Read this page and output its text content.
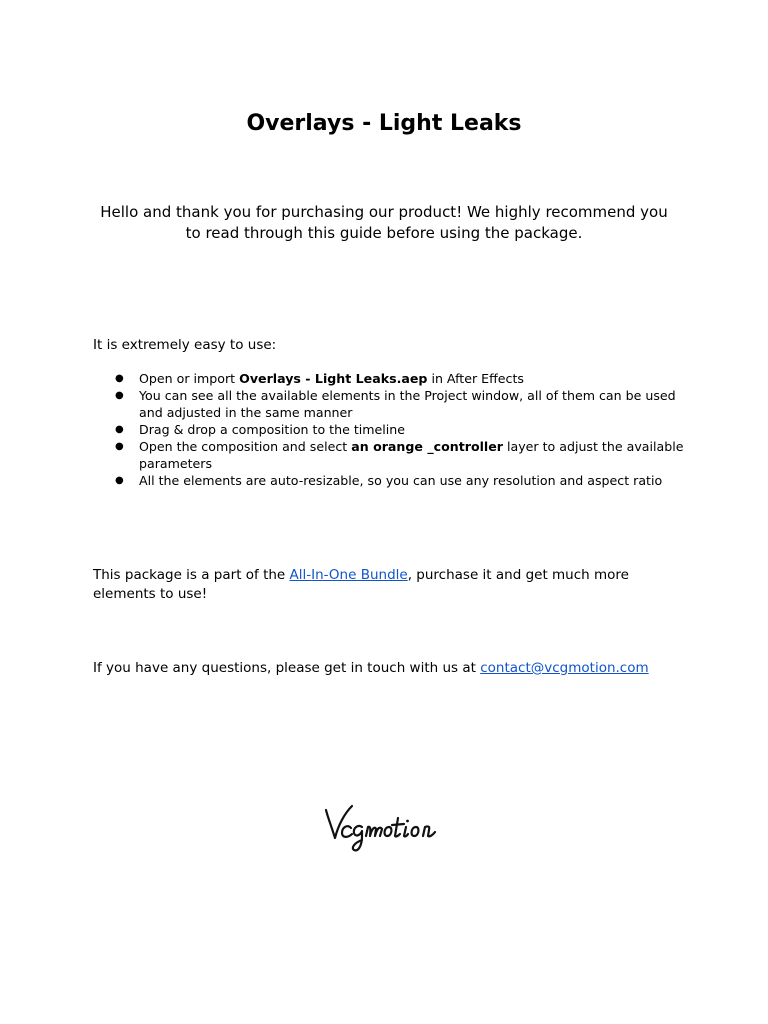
Overlays - Light Leaks

Hello and thank you for purchasing our product! We highly recommend you to read through this guide before using the package.

It is extremely easy to use:

● Open or import Overlays - Light Leaks.aep in After Effects
● You can see all the available elements in the Project window, all of them can be used and adjusted in the same manner
● Drag & drop a composition to the timeline
● Open the composition and select an orange _controller layer to adjust the available parameters
● All the elements are auto-resizable, so you can use any resolution and aspect ratio

This package is a part of the All-In-One Bundle, purchase it and get much more elements to use!

If you have any questions, please get in touch with us at contact@vcgmotion.com
